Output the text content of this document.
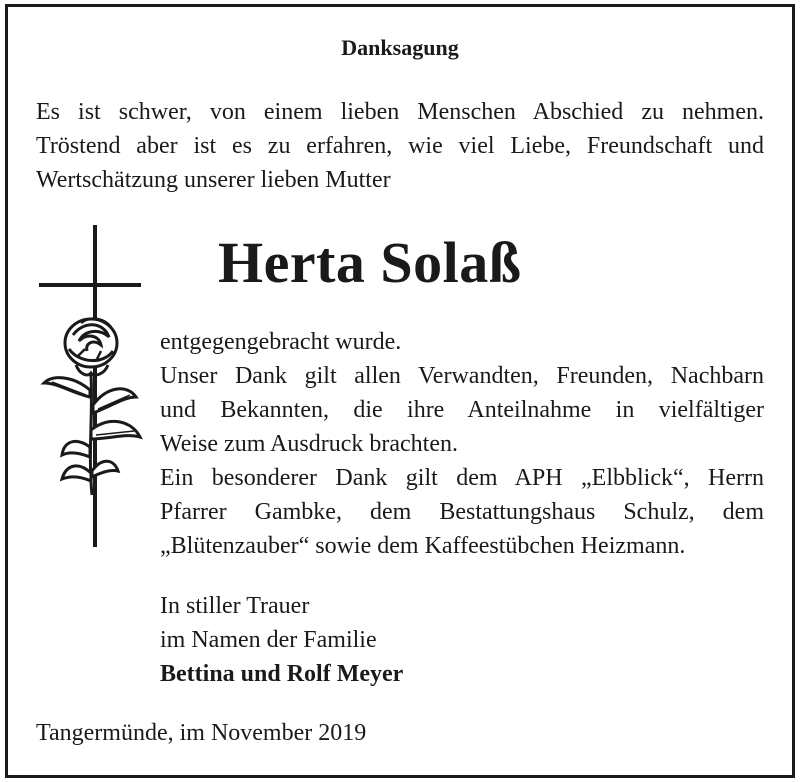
Danksagung
Es ist schwer, von einem lieben Menschen Abschied zu nehmen.
Tröstend aber ist es zu erfahren, wie viel Liebe, Freundschaft und
Wertschätzung unserer lieben Mutter
Herta Solaß
entgegengebracht wurde.
Unser Dank gilt allen Verwandten, Freunden, Nachbarn
und Bekannten, die ihre Anteilnahme in vielfältiger
Weise zum Ausdruck brachten.
Ein besonderer Dank gilt dem APH „Elbblick“, Herrn
Pfarrer Gambke, dem Bestattungshaus Schulz, dem
„Blütenzauber“ sowie dem Kaffeestübchen Heizmann.
In stiller Trauer
im Namen der Familie
Bettina und Rolf Meyer
Tangermünde, im November 2019
